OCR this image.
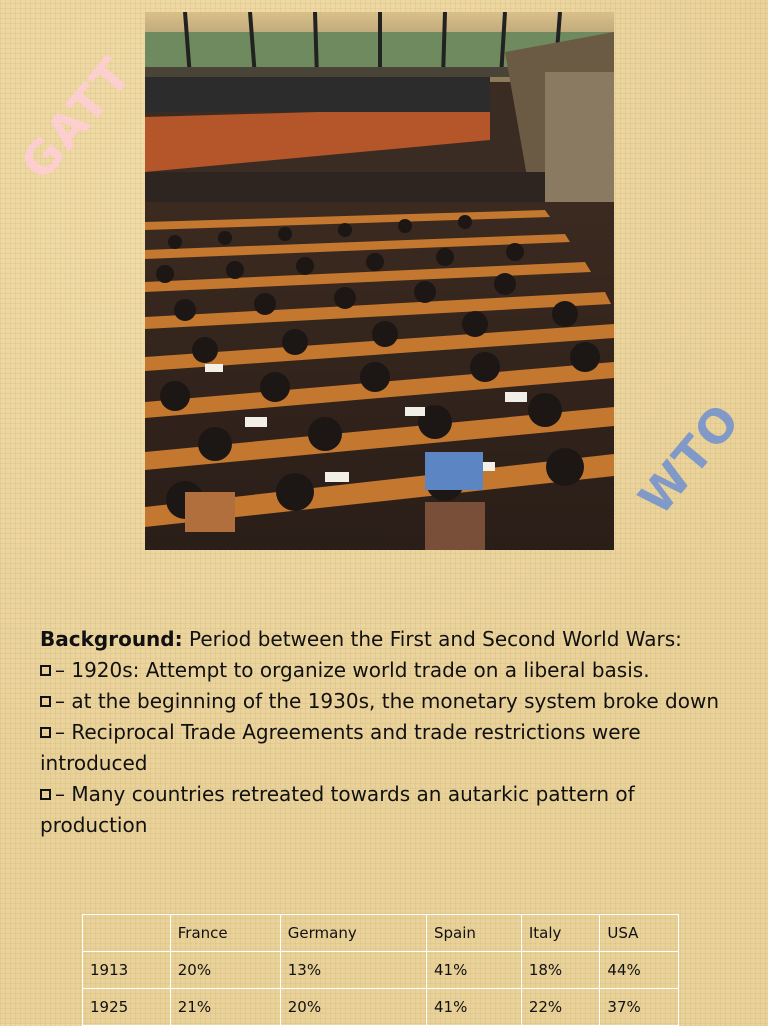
GATT
WTO

Background: Period between the First and Second World Wars:

– 1920s: Attempt to organize world trade on a liberal basis.

– at the beginning of the 1930s, the monetary system broke down

– Reciprocal Trade Agreements and trade restrictions were introduced

– Many countries retreated towards an autarkic pattern of production

	France	Germany	Spain	Italy	USA
1913	20%	13%	41%	18%	44%
1925	21%	20%	41%	22%	37%
